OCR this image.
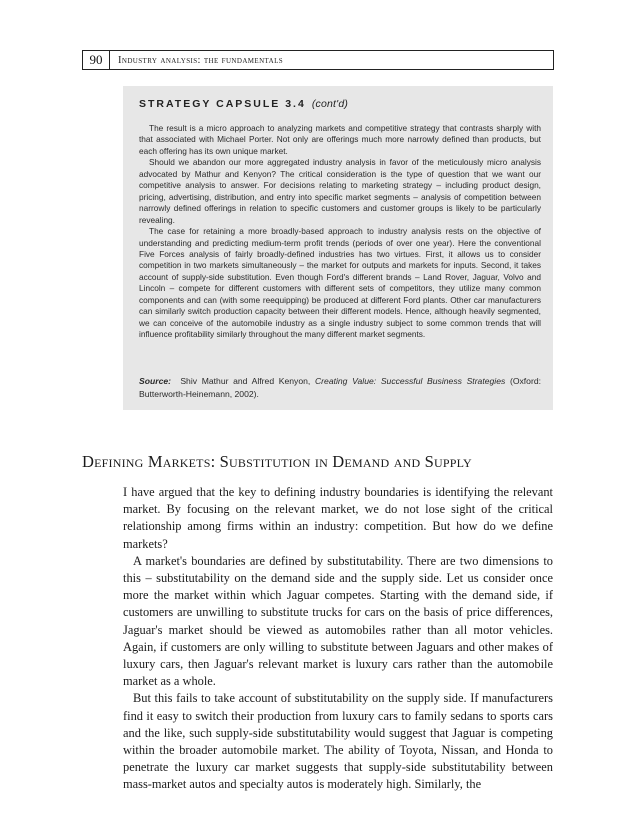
90	Industry analysis: the fundamentals
STRATEGY CAPSULE 3.4 (cont'd)

The result is a micro approach to analyzing markets and competitive strategy that contrasts sharply with that associated with Michael Porter. Not only are offerings much more narrowly defined than products, but each offering has its own unique market.

Should we abandon our more aggregated industry analysis in favor of the meticulously micro analysis advocated by Mathur and Kenyon? The critical consideration is the type of question that we want our competitive analysis to answer. For decisions relating to marketing strategy – including product design, pricing, advertising, distribution, and entry into specific market segments – analysis of competition between narrowly defined offerings in relation to specific customers and customer groups is likely to be particularly revealing.

The case for retaining a more broadly-based approach to industry analysis rests on the objective of understanding and predicting medium-term profit trends (periods of over one year). Here the conventional Five Forces analysis of fairly broadly-defined industries has two virtues. First, it allows us to consider competition in two markets simultaneously – the market for outputs and markets for inputs. Second, it takes account of supply-side substitution. Even though Ford's different brands – Land Rover, Jaguar, Volvo and Lincoln – compete for different customers with different sets of competitors, they utilize many common components and can (with some reequipping) be produced at different Ford plants. Other car manufacturers can similarly switch production capacity between their different models. Hence, although heavily segmented, we can conceive of the automobile industry as a single industry subject to some common trends that will influence profitability similarly throughout the many different market segments.

Source: Shiv Mathur and Alfred Kenyon, Creating Value: Successful Business Strategies (Oxford: Butterworth-Heinemann, 2002).

Defining Markets: Substitution in Demand and Supply

I have argued that the key to defining industry boundaries is identifying the relevant market. By focusing on the relevant market, we do not lose sight of the critical relationship among firms within an industry: competition. But how do we define markets?

A market's boundaries are defined by substitutability. There are two dimensions to this – substitutability on the demand side and the supply side. Let us consider once more the market within which Jaguar competes. Starting with the demand side, if customers are unwilling to substitute trucks for cars on the basis of price differences, Jaguar's market should be viewed as automobiles rather than all motor vehicles. Again, if customers are only willing to substitute between Jaguars and other makes of luxury cars, then Jaguar's relevant market is luxury cars rather than the automobile market as a whole.

But this fails to take account of substitutability on the supply side. If manufacturers find it easy to switch their production from luxury cars to family sedans to sports cars and the like, such supply-side substitutability would suggest that Jaguar is competing within the broader automobile market. The ability of Toyota, Nissan, and Honda to penetrate the luxury car market suggests that supply-side substitutability between mass-market autos and specialty autos is moderately high. Similarly, the
